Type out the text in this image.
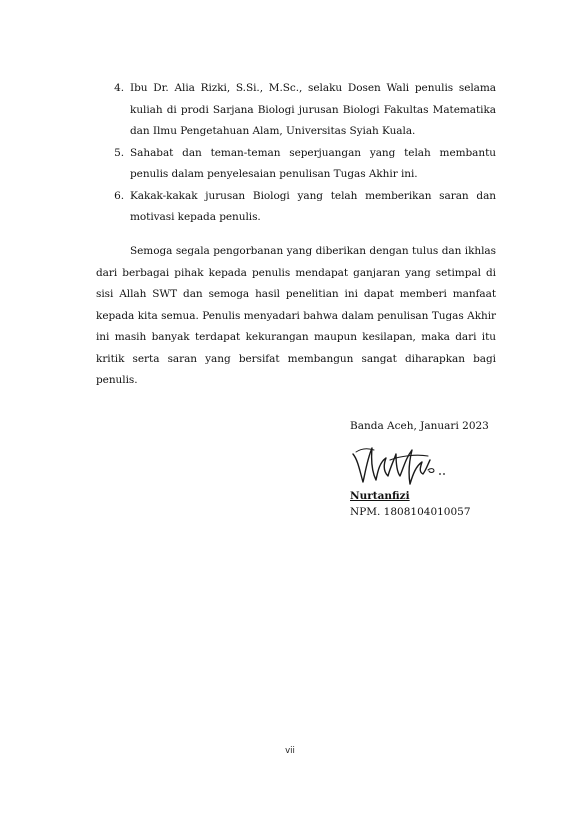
4. Ibu Dr. Alia Rizki, S.Si., M.Sc., selaku Dosen Wali penulis selama kuliah di prodi Sarjana Biologi jurusan Biologi Fakultas Matematika dan Ilmu Pengetahuan Alam, Universitas Syiah Kuala.
5. Sahabat dan teman-teman seperjuangan yang telah membantu penulis dalam penyelesaian penulisan Tugas Akhir ini.
6. Kakak-kakak jurusan Biologi yang telah memberikan saran dan motivasi kepada penulis.

Semoga segala pengorbanan yang diberikan dengan tulus dan ikhlas dari berbagai pihak kepada penulis mendapat ganjaran yang setimpal di sisi Allah SWT dan semoga hasil penelitian ini dapat memberi manfaat kepada kita semua. Penulis menyadari bahwa dalam penulisan Tugas Akhir ini masih banyak terdapat kekurangan maupun kesilapan, maka dari itu kritik serta saran yang bersifat membangun sangat diharapkan bagi penulis.

Banda Aceh, Januari 2023

Nurtanfizi

NPM. 1808104010057

vii
